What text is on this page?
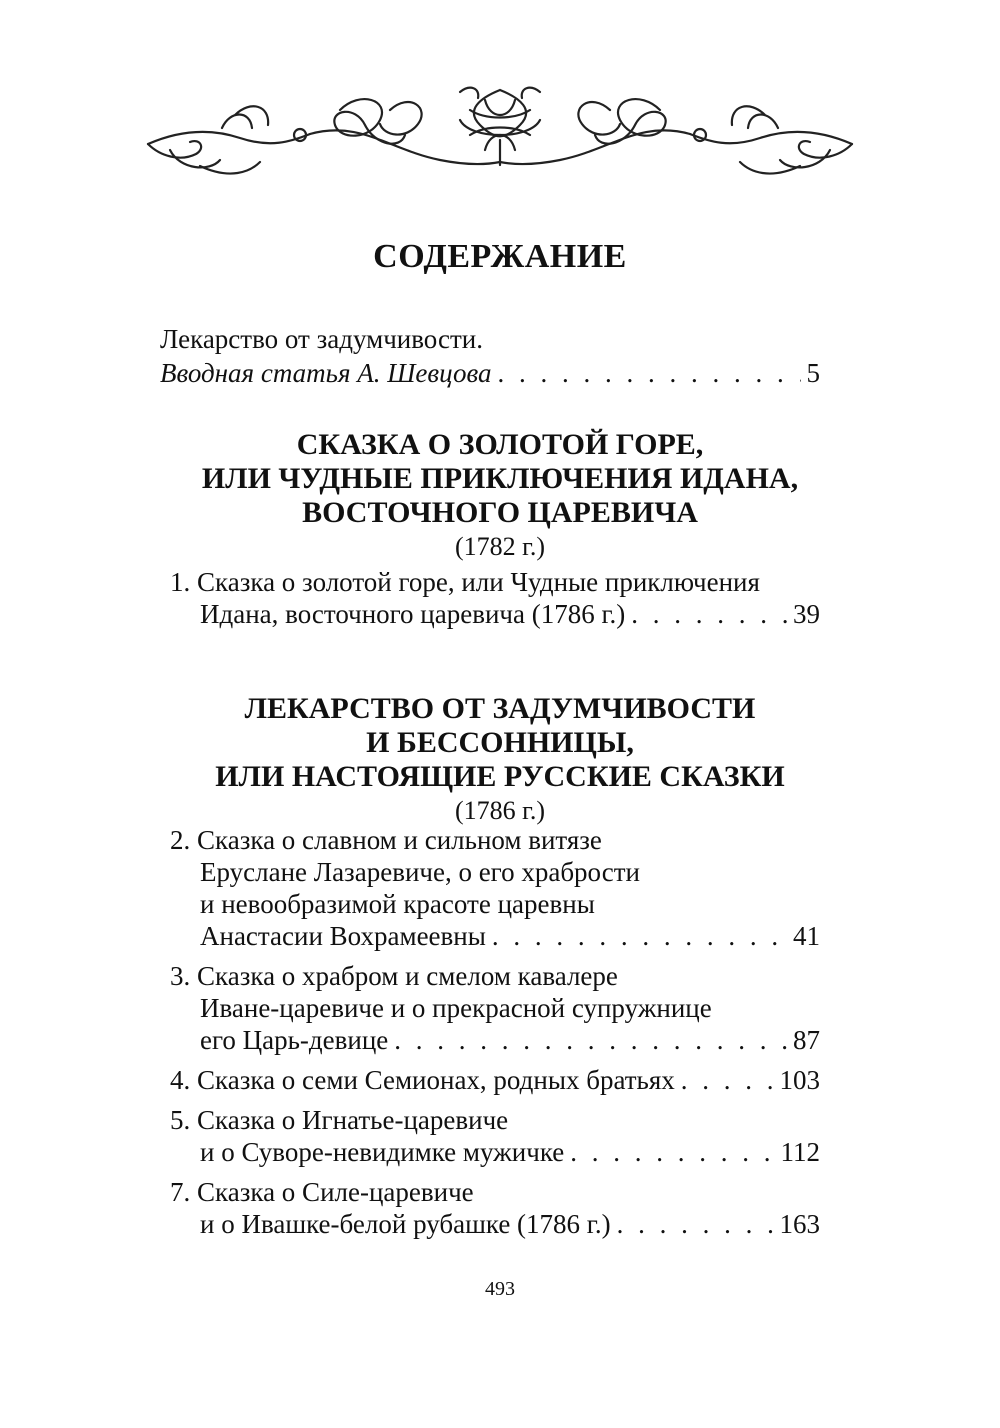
СОДЕРЖАНИЕ
Лекарство от задумчивости.
Вводная статья А. Шевцова . . .	5
СКАЗКА О ЗОЛОТОЙ ГОРЕ,
ИЛИ ЧУДНЫЕ ПРИКЛЮЧЕНИЯ ИДАНА,
ВОСТОЧНОГО ЦАРЕВИЧА
(1782 г.)
1. Сказка о золотой горе, или Чудные приключения
Идана, восточного царевича (1786 г.) . . .	39
ЛЕКАРСТВО ОТ ЗАДУМЧИВОСТИ
И БЕССОННИЦЫ,
ИЛИ НАСТОЯЩИЕ РУССКИЕ СКАЗКИ
(1786 г.)
2. Сказка о славном и сильном витязе
Еруслане Лазаревиче, о его храбрости
и невообразимой красоте царевны
Анастасии Вохрамеевны . . .	41
3. Сказка о храбром и смелом кавалере
Иване-царевиче и о прекрасной супружнице
его Царь-девице . . .	87
4. Сказка о семи Семионах, родных братьях . . .	103
5. Сказка о Игнатье-царевиче
и о Суворе-невидимке мужичке . . .	112
7. Сказка о Силе-царевиче
и о Ивашке-белой рубашке (1786 г.) . . .	163
493
